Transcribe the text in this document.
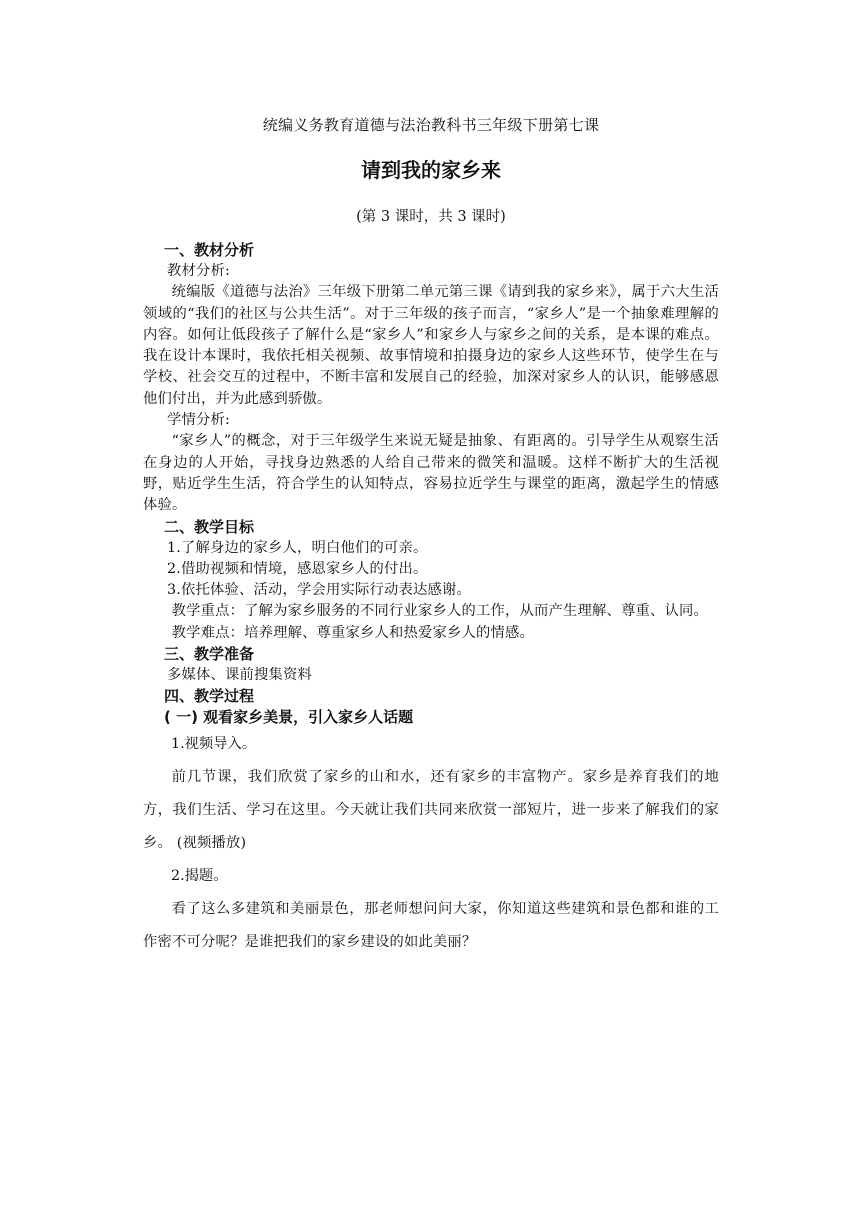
统编义务教育道德与法治教科书三年级下册第七课

请到我的家乡来

(第 3 课时，共 3 课时)

一、教材分析

教材分析:

统编版《道德与法治》三年级下册第二单元第三课《请到我的家乡来》，属于六大生活领域的“我们的社区与公共生活”。对于三年级的孩子而言，“家乡人”是一个抽象难理解的内容。如何让低段孩子了解什么是“家乡人”和家乡人与家乡之间的关系，是本课的难点。我在设计本课时，我依托相关视频、故事情境和拍摄身边的家乡人这些环节，使学生在与学校、社会交互的过程中，不断丰富和发展自己的经验，加深对家乡人的认识，能够感恩他们付出，并为此感到骄傲。

学情分析:

“家乡人”的概念，对于三年级学生来说无疑是抽象、有距离的。引导学生从观察生活在身边的人开始，寻找身边熟悉的人给自己带来的微笑和温暖。这样不断扩大的生活视野，贴近学生生活，符合学生的认知特点，容易拉近学生与课堂的距离，激起学生的情感体验。

二、教学目标

1.了解身边的家乡人，明白他们的可亲。

2.借助视频和情境，感恩家乡人的付出。

3.依托体验、活动，学会用实际行动表达感谢。

教学重点：了解为家乡服务的不同行业家乡人的工作，从而产生理解、尊重、认同。

教学难点：培养理解、尊重家乡人和热爱家乡人的情感。

三、教学准备

多媒体、课前搜集资料

四、教学过程

( 一) 观看家乡美景，引入家乡人话题

1.视频导入。

前几节课，我们欣赏了家乡的山和水，还有家乡的丰富物产。家乡是养育我们的地方，我们生活、学习在这里。今天就让我们共同来欣赏一部短片，进一步来了解我们的家乡。 (视频播放)

2.揭题。

看了这么多建筑和美丽景色，那老师想问问大家，你知道这些建筑和景色都和谁的工作密不可分呢？是谁把我们的家乡建设的如此美丽？
